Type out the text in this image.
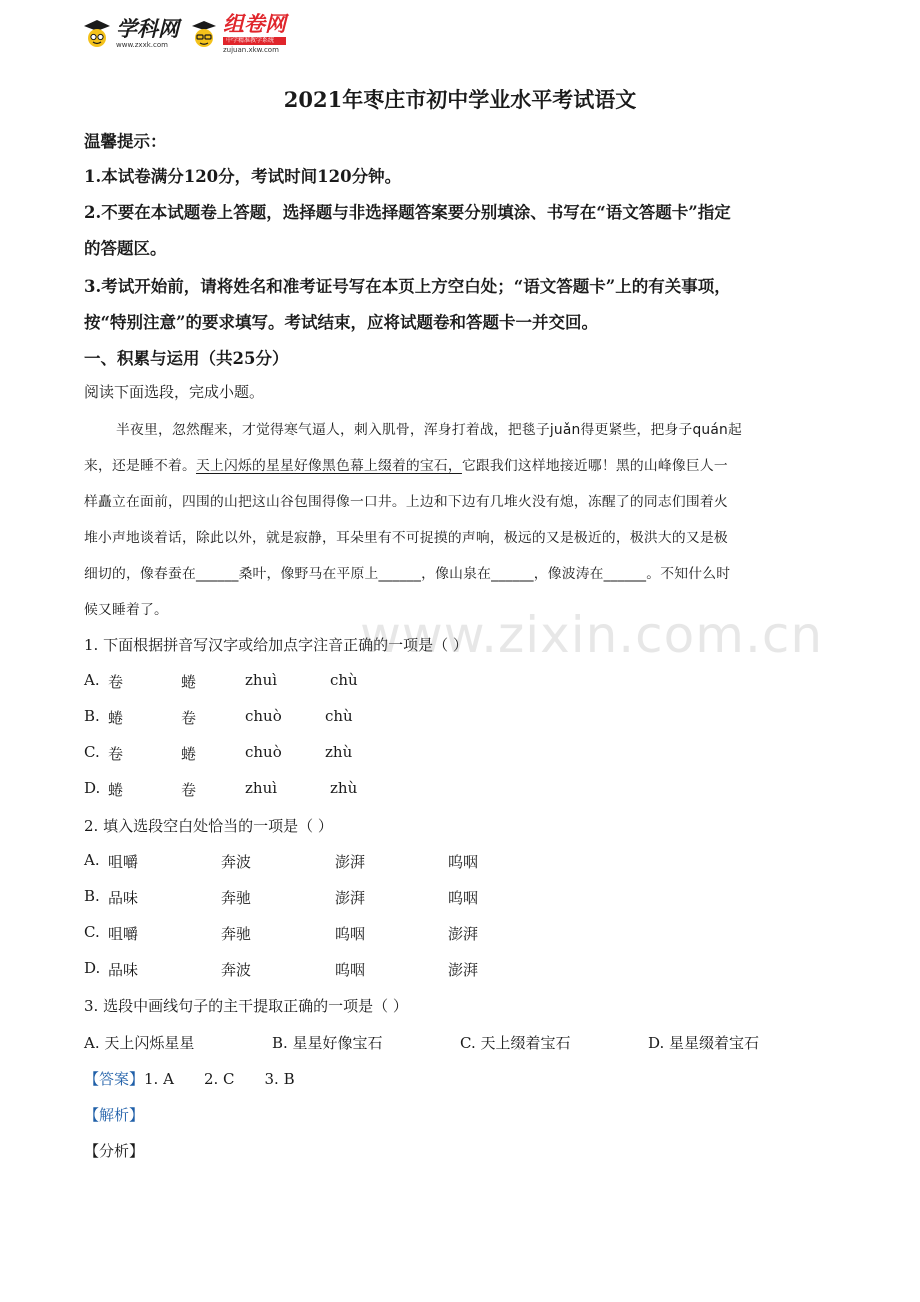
学科网
www.zxxk.com
组卷网
中学精准教学系统
zujuan.xkw.com
2021年枣庄市初中学业水平考试语文
温馨提示：
1.本试卷满分120分，考试时间120分钟。
2.不要在本试题卷上答题，选择题与非选择题答案要分别填涂、书写在“语文答题卡”指定
的答题区。
3.考试开始前，请将姓名和准考证号写在本页上方空白处；“语文答题卡”上的有关事项，
按“特别注意”的要求填写。考试结束，应将试题卷和答题卡一并交回。
一、积累与运用（共25分）
阅读下面选段，完成小题。
半夜里，忽然醒来，才觉得寒气逼人，刺入肌骨，浑身打着战，把毯子juǎn得更紧些，把身子quán起
来，还是睡不着。天上闪烁的星星好像黑色幕上缀着的宝石，它跟我们这样地接近哪！黑的山峰像巨人一
样矗立在面前，四围的山把这山谷包围得像一口井。上边和下边有几堆火没有熄，冻醒了的同志们围着火
堆小声地谈着话，除此以外，就是寂静，耳朵里有不可捉摸的声响，极远的又是极近的，极洪大的又是极
细切的，像春蚕在______桑叶，像野马在平原上______，像山泉在______，像波涛在______。不知什么时
候又睡着了。
1. 下面根据拼音写汉字或给加点字注音正确的一项是（ ）
A. 卷	蜷	zhuì	chù
B. 蜷	卷	chuò	chù
C. 卷	蜷	chuò	zhù
D. 蜷	卷	zhuì	zhù
2. 填入选段空白处恰当的一项是（ ）
A. 咀嚼	奔波	澎湃	呜咽
B. 品味	奔驰	澎湃	呜咽
C. 咀嚼	奔驰	呜咽	澎湃
D. 品味	奔波	呜咽	澎湃
3. 选段中画线句子的主干提取正确的一项是（ ）
A. 天上闪烁星星	B. 星星好像宝石	C. 天上缀着宝石	D. 星星缀着宝石
【答案】1. A 2. C 3. B
【解析】
【分析】
www.zixin.com.cn
